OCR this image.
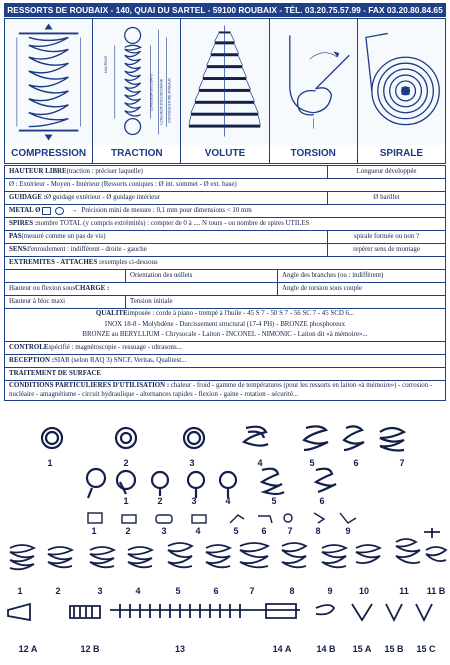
RESSORTS DE ROUBAIX - 140, QUAI DU SARTEL - 59100 ROUBAIX - TÉL. 03.20.75.57.99 - FAX 03.20.80.84.65
COMPRESSION
LONGUEUR DU CORPS LONGUEUR D'ACCROCHAGE DISTANCE ENTRE ANNEAUX
HAUTEUR
TRACTION	VOLUTE	TORSION	SPIRALE
HAUTEUR LIBRE (traction : préciser laquelle)	Longueur développée
Ø : Extérieur - Moyen - Intérieur (Ressorts coniques : Ø int. sommet - Ø ext. base)
GUIDAGE : Ø guidage extérieur - Ø guidage intérieur	Ø barillet
METAL Ø	→ Précision mini de mesure : 0,1 mm pour dimensions < 10 mm
SPIRES : nombre TOTAL (y compris extrémités) : compter de 0 à .... N tours - ou nombre de spires UTILES
PAS (mesuré comme un pas de vis)	spirale formée ou non ?
SENS d'enroulement : indifférent - droite - gauche	repérer sens de montage
EXTREMITES - ATTACHES : exemples ci-dessous
Orientation des œillets	Angle des branches (ou : indifférent)
Hauteur ou flexion sous CHARGE :	Angle de torsion sous couple
Hauteur à bloc maxi	Tension initiale
QUALITE imposée : corde à piano - trempé à l'huile - 45 S 7 - 50 S 7 - 56 SC 7 - 45 SCD 6...
INOX 18-8 - Molybdène - Durcissement structural (17-4 PH) - BRONZE phosphoreux
BRONZE au BERYLLIUM - Chrysocale - Laiton - INCONEL - NIMONIC - Laiton dit «à mémoire»...
CONTROLE spécifié : magnétoscopie - ressuage - ultrasons...
RECEPTION : SIAR (selon RAQ 3) SNCF, Veritas, Qualitest...
TRAITEMENT DE SURFACE
CONDITIONS PARTICULIERES D'UTILISATION : chaleur - froid - gamme de températures (pour les ressorts en laiton «à mémoire») - corrosion - nucléaire - amagnétisme - circuit hydraulique - alternances rapides - flexion - gaine - rotation - sécurité...
1	2	3	4	5	6	7
1	2	3	4	5	6
1	2	3	4	5	6 7	8	9
1	2	3	4	5	6	7	8	9	10	11 11 B
12 A	12 B	13	14 A	14 B 15 A 15 B 15 C
